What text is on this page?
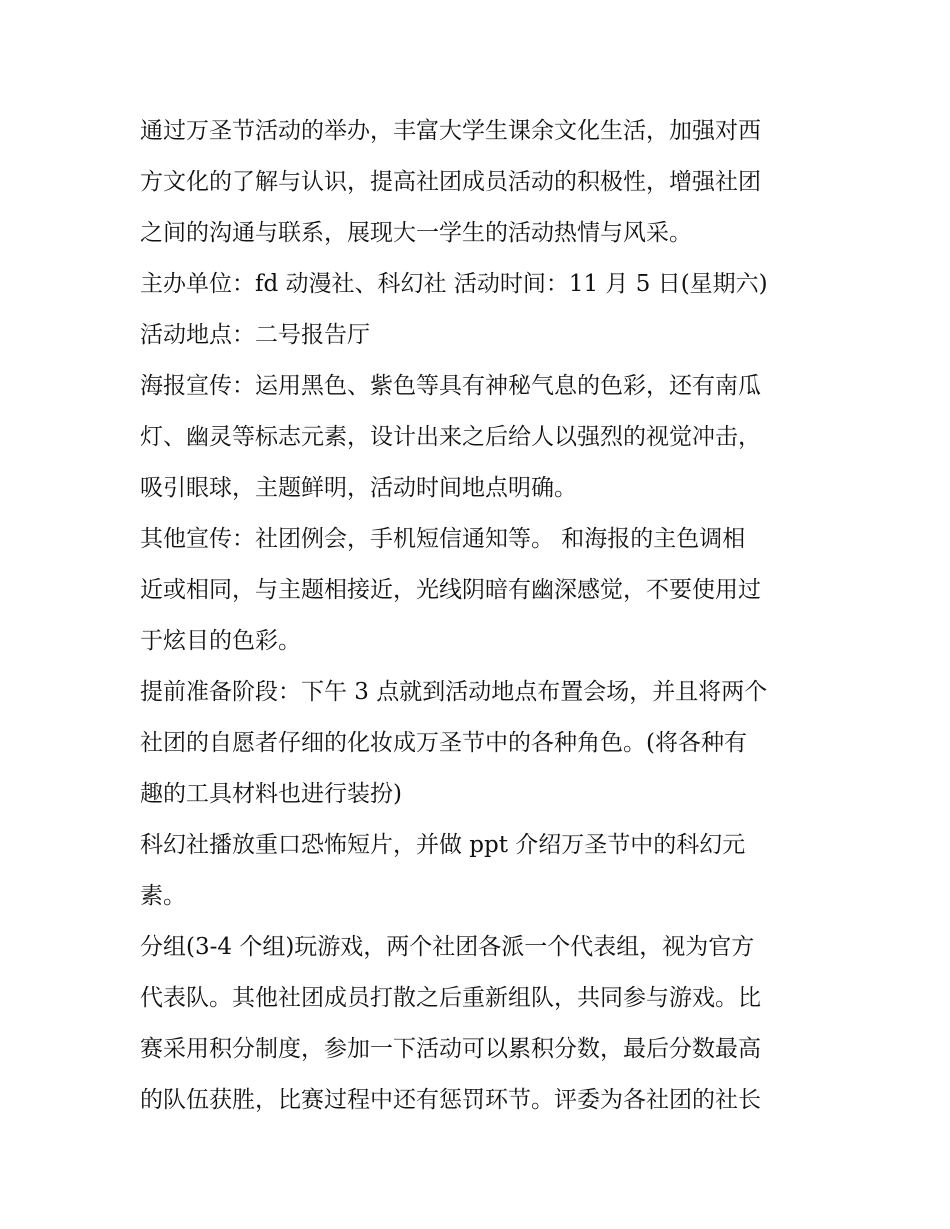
通过万圣节活动的举办，丰富大学生课余文化生活，加强对西
方文化的了解与认识，提高社团成员活动的积极性，增强社团
之间的沟通与联系，展现大一学生的活动热情与风采。
主办单位：fd 动漫社、科幻社 活动时间：11 月 5 日(星期六)
活动地点：二号报告厅
海报宣传：运用黑色、紫色等具有神秘气息的色彩，还有南瓜
灯、幽灵等标志元素，设计出来之后给人以强烈的视觉冲击，
吸引眼球，主题鲜明，活动时间地点明确。
其他宣传：社团例会，手机短信通知等。 和海报的主色调相
近或相同，与主题相接近，光线阴暗有幽深感觉，不要使用过
于炫目的色彩。
提前准备阶段：下午 3 点就到活动地点布置会场，并且将两个
社团的自愿者仔细的化妆成万圣节中的各种角色。(将各种有
趣的工具材料也进行装扮)
科幻社播放重口恐怖短片，并做 ppt 介绍万圣节中的科幻元
素。
分组(3-4 个组)玩游戏，两个社团各派一个代表组，视为官方
代表队。其他社团成员打散之后重新组队，共同参与游戏。比
赛采用积分制度，参加一下活动可以累积分数，最后分数最高
的队伍获胜，比赛过程中还有惩罚环节。评委为各社团的社长
